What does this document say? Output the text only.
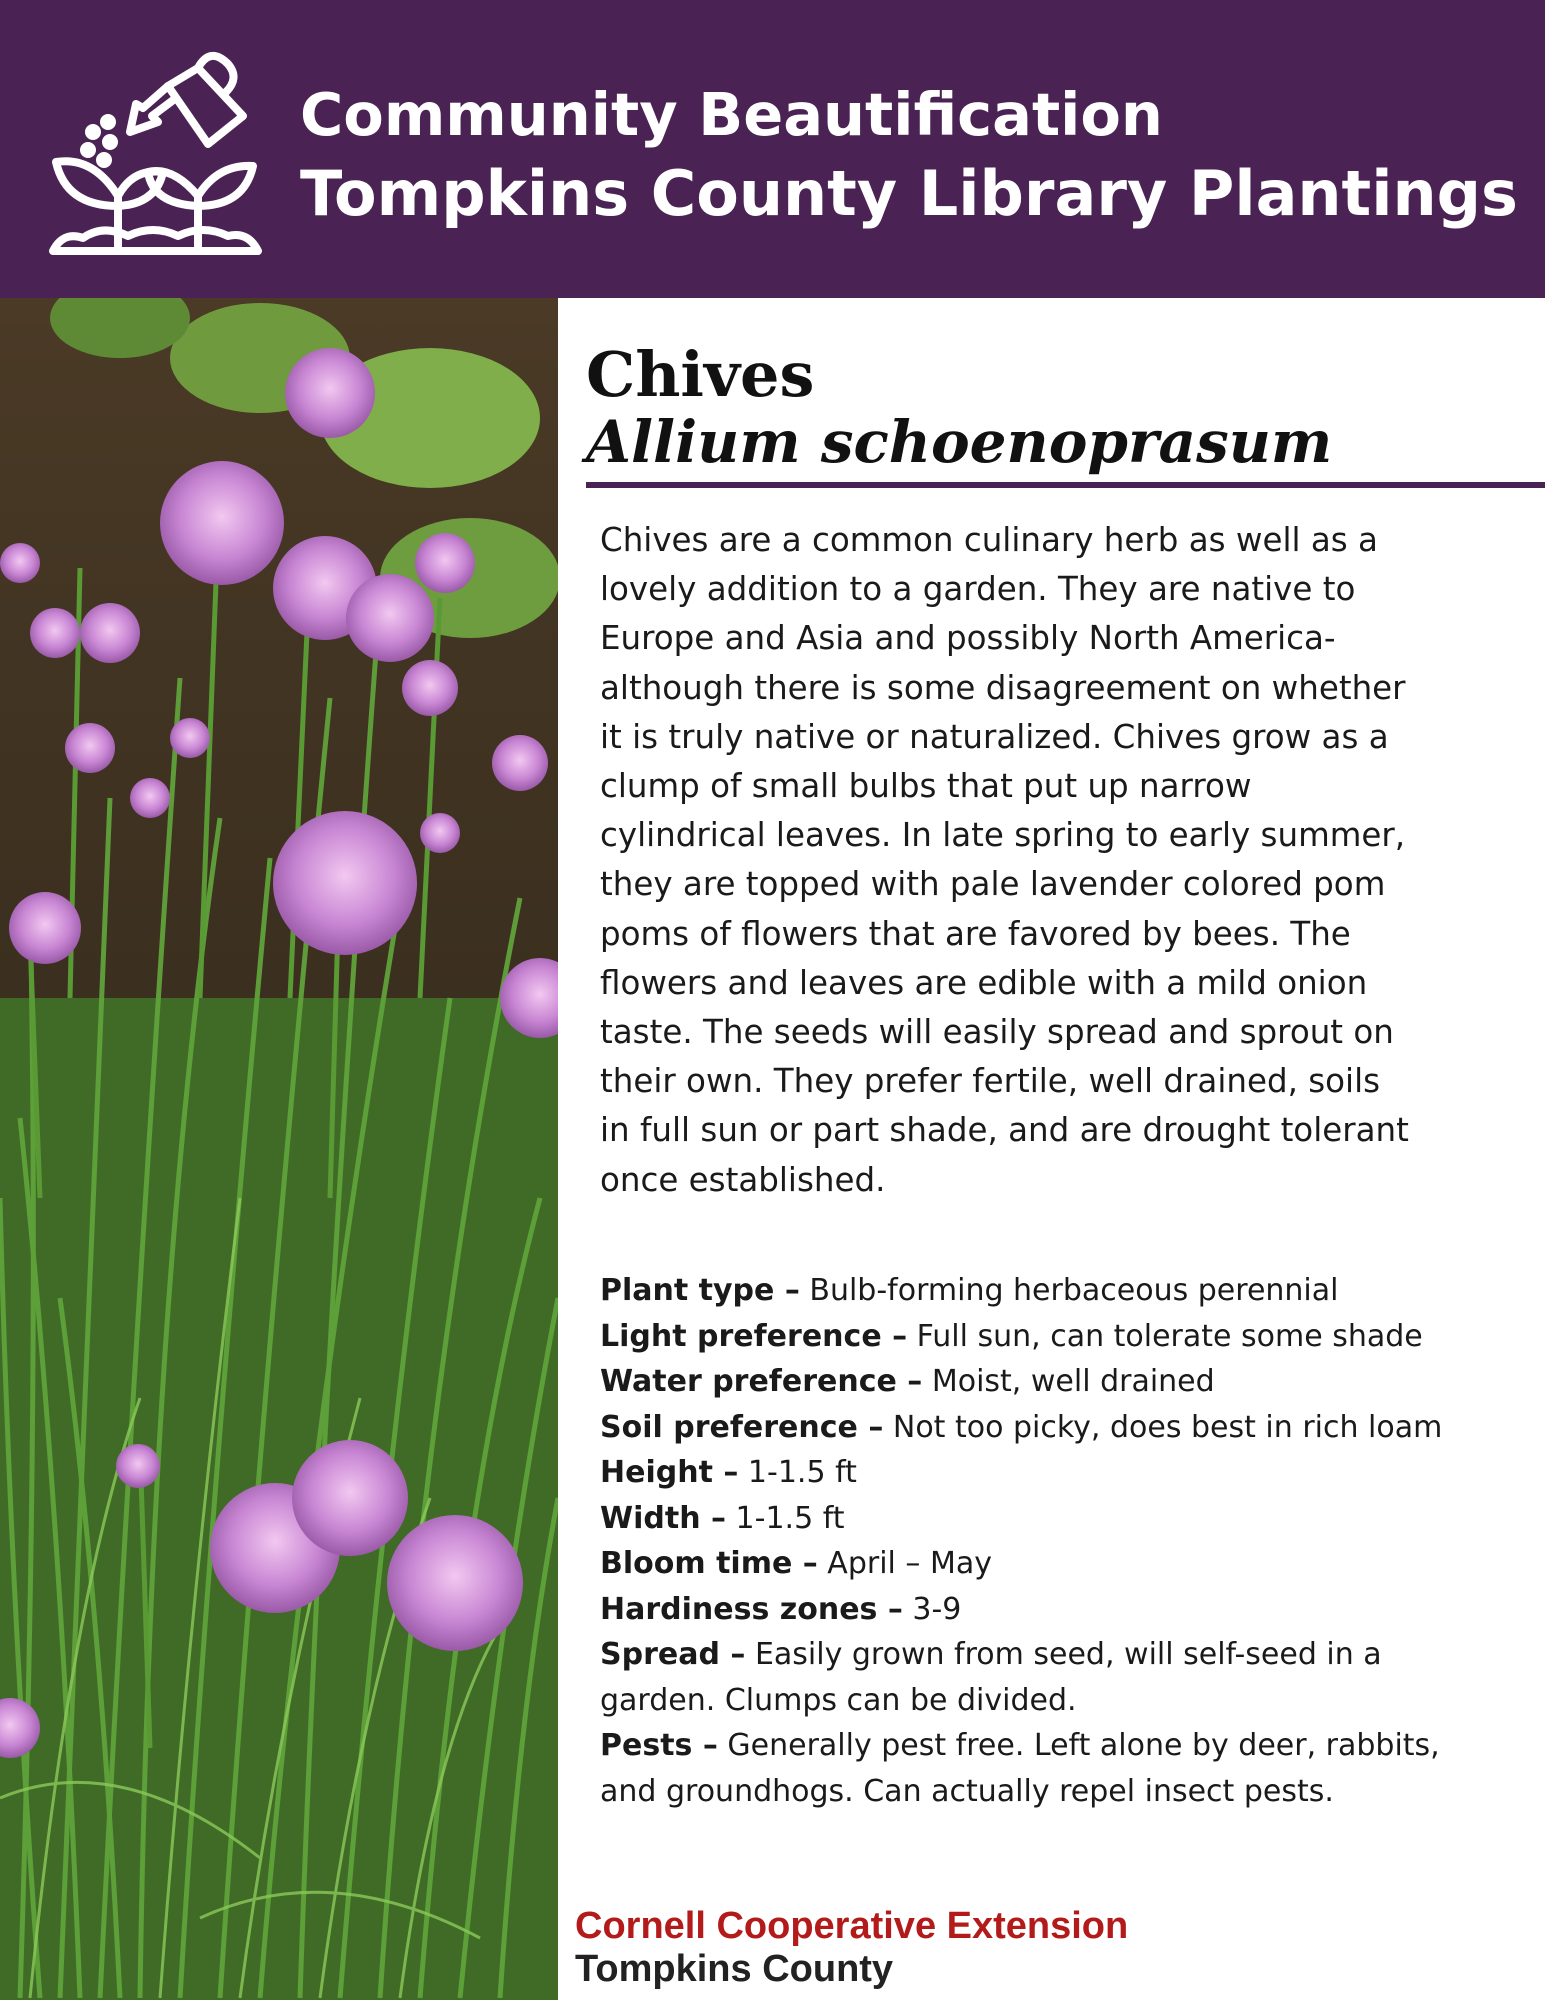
Community Beautification
Tompkins County Library Plantings
Chives
Allium schoenoprasum

Chives are a common culinary herb as well as a
lovely addition to a garden. They are native to
Europe and Asia and possibly North America-
although there is some disagreement on whether
it is truly native or naturalized. Chives grow as a
clump of small bulbs that put up narrow
cylindrical leaves. In late spring to early summer,
they are topped with pale lavender colored pom
poms of flowers that are favored by bees. The
flowers and leaves are edible with a mild onion
taste. The seeds will easily spread and sprout on
their own. They prefer fertile, well drained, soils
in full sun or part shade, and are drought tolerant
once established.

Plant type – Bulb-forming herbaceous perennial
Light preference – Full sun, can tolerate some shade
Water preference – Moist, well drained
Soil preference – Not too picky, does best in rich loam
Height – 1-1.5 ft
Width – 1-1.5 ft
Bloom time – April – May
Hardiness zones – 3-9
Spread – Easily grown from seed, will self-seed in a
garden. Clumps can be divided.
Pests – Generally pest free. Left alone by deer, rabbits,
and groundhogs. Can actually repel insect pests.
Cornell Cooperative Extension
Tompkins County
